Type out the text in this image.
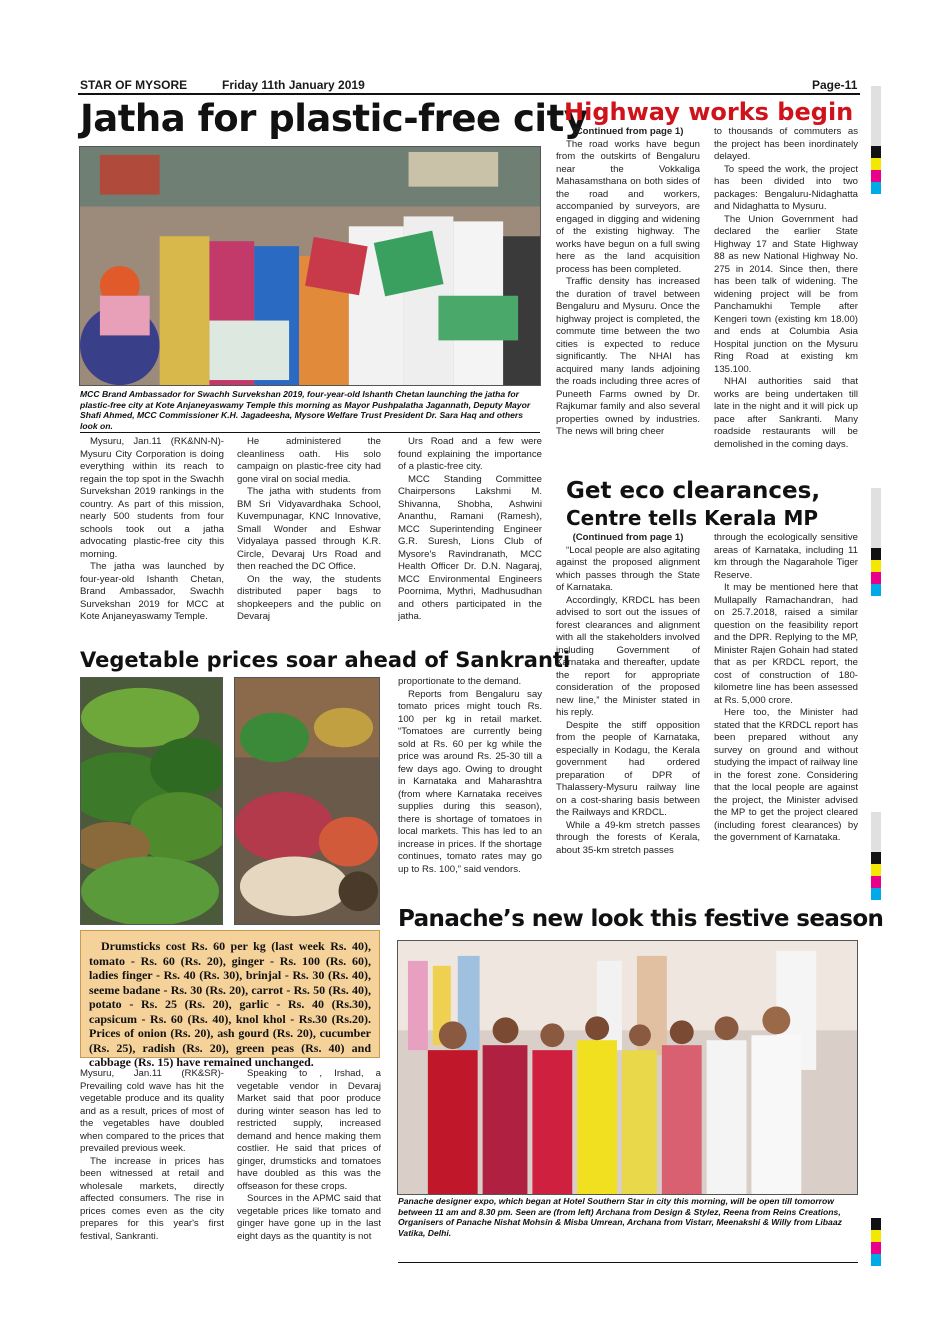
STAR OF MYSORE	Friday 11th January 2019	Page-11
Jatha for plastic-free city
MCC Brand Ambassador for Swachh Survekshan 2019, four-year-old Ishanth Chetan launching the jatha for plastic-free city at Kote Anjaneyaswamy Temple this morning as Mayor Pushpalatha Jagannath, Deputy Mayor Shafi Ahmed, MCC Commissioner K.H. Jagadeesha, Mysore Welfare Trust President Dr. Sara Haq and others look on.

Mysuru, Jan.11 (RK&NN-N)-Mysuru City Corporation is doing everything within its reach to regain the top spot in the Swachh Survekshan 2019 rankings in the country. As part of this mission, nearly 500 students from four schools took out a jatha advocating plastic-free city this morning.

The jatha was launched by four-year-old Ishanth Chetan, Brand Ambassador, Swachh Survekshan 2019 for MCC at Kote Anjaneyaswamy Temple.

He administered the cleanliness oath. His solo campaign on plastic-free city had gone viral on social media.

The jatha with students from BM Sri Vidyavardhaka School, Kuvempunagar, KNC Innovative, Small Wonder and Eshwar Vidyalaya passed through K.R. Circle, Devaraj Urs Road and then reached the DC Office.

On the way, the students distributed paper bags to shopkeepers and the public on Devaraj

Urs Road and a few were found explaining the importance of a plastic-free city.

MCC Standing Committee Chairpersons Lakshmi M. Shivanna, Shobha, Ashwini Ananthu, Ramani (Ramesh), MCC Superintending Engineer G.R. Suresh, Lions Club of Mysore's Ravindranath, MCC Health Officer Dr. D.N. Nagaraj, MCC Environmental Engineers Poornima, Mythri, Madhusudhan and others participated in the jatha.

Highway works begin

(Continued from page 1)

The road works have begun from the outskirts of Bengaluru near the Vokkaliga Mahasamsthana on both sides of the road and workers, accompanied by surveyors, are engaged in digging and widening of the existing highway. The works have begun on a full swing here as the land acquisition process has been completed.

Traffic density has increased the duration of travel between Bengaluru and Mysuru. Once the highway project is completed, the commute time between the two cities is expected to reduce significantly. The NHAI has acquired many lands adjoining the roads including three acres of Puneeth Farms owned by Dr. Rajkumar family and also several properties owned by industries. The news will bring cheer

to thousands of commuters as the project has been inordinately delayed.

To speed the work, the project has been divided into two packages: Bengaluru-Nidaghatta and Nidaghatta to Mysuru.

The Union Government had declared the earlier State Highway 17 and State Highway 88 as new National Highway No. 275 in 2014. Since then, there has been talk of widening. The widening project will be from Panchamukhi Temple after Kengeri town (existing km 18.00) and ends at Columbia Asia Hospital junction on the Mysuru Ring Road at existing km 135.100.

NHAI authorities said that works are being undertaken till late in the night and it will pick up pace after Sankranti. Many roadside restaurants will be demolished in the coming days.

Get eco clearances,
Centre tells Kerala MP

(Continued from page 1)

“Local people are also agitating against the proposed alignment which passes through the State of Karnataka.

Accordingly, KRDCL has been advised to sort out the issues of forest clearances and alignment with all the stakeholders involved including Government of Karnataka and thereafter, update the report for appropriate consideration of the proposed new line,” the Minister stated in his reply.

Despite the stiff opposition from the people of Karnataka, especially in Kodagu, the Kerala government had ordered preparation of DPR of Thalassery-Mysuru railway line on a cost-sharing basis between the Railways and KRDCL.

While a 49-km stretch passes through the forests of Kerala, about 35-km stretch passes

through the ecologically sensitive areas of Karnataka, including 11 km through the Nagarahole Tiger Reserve.

It may be mentioned here that Mullapally Ramachandran, had on 25.7.2018, raised a similar question on the feasibility report and the DPR. Replying to the MP, Minister Rajen Gohain had stated that as per KRDCL report, the cost of construction of 180-kilometre line has been assessed at Rs. 5,000 crore.

Here too, the Minister had stated that the KRDCL report has been prepared without any survey on ground and without studying the impact of railway line in the forest zone. Considering that the local people are against the project, the Minister advised the MP to get the project cleared (including forest clearances) by the government of Karnataka.

Vegetable prices soar ahead of Sankranti
Drumsticks cost Rs. 60 per kg (last week Rs. 40), tomato - Rs. 60 (Rs. 20), ginger - Rs. 100 (Rs. 60), ladies finger - Rs. 40 (Rs. 30), brinjal - Rs. 30 (Rs. 40), seeme badane - Rs. 30 (Rs. 20), carrot - Rs. 50 (Rs. 40), potato - Rs. 25 (Rs. 20), garlic - Rs. 40 (Rs.30), capsicum - Rs. 60 (Rs. 40), knol khol - Rs.30 (Rs.20). Prices of onion (Rs. 20), ash gourd (Rs. 20), cucumber (Rs. 25), radish (Rs. 20), green peas (Rs. 40) and cabbage (Rs. 15) have remained unchanged.

proportionate to the demand.

Reports from Bengaluru say tomato prices might touch Rs. 100 per kg in retail market. “Tomatoes are currently being sold at Rs. 60 per kg while the price was around Rs. 25-30 till a few days ago. Owing to drought in Karnataka and Maharashtra (from where Karnataka receives supplies during this season), there is shortage of tomatoes in local markets. This has led to an increase in prices. If the shortage continues, tomato rates may go up to Rs. 100,” said vendors.

Mysuru, Jan.11 (RK&SR)- Prevailing cold wave has hit the vegetable produce and its quality and as a result, prices of most of the vegetables have doubled when compared to the prices that prevailed previous week.

The increase in prices has been witnessed at retail and wholesale markets, directly affected consumers. The rise in prices comes even as the city prepares for this year's first festival, Sankranti.

Speaking to , Irshad, a vegetable vendor in Devaraj Market said that poor produce during winter season has led to restricted supply, increased demand and hence making them costlier. He said that prices of ginger, drumsticks and tomatoes have doubled as this was the offseason for these crops.

Sources in the APMC said that vegetable prices like tomato and ginger have gone up in the last eight days as the quantity is not

Panache’s new look this festive season
Panache designer expo, which began at Hotel Southern Star in city this morning, will be open till tomorrow between 11 am and 8.30 pm. Seen are (from left) Archana from Design & Stylez, Reena from Reins Creations, Organisers of Panache Nishat Mohsin & Misba Umrean, Archana from Vistarr, Meenakshi & Willy from Libaaz Vatika, Delhi.
